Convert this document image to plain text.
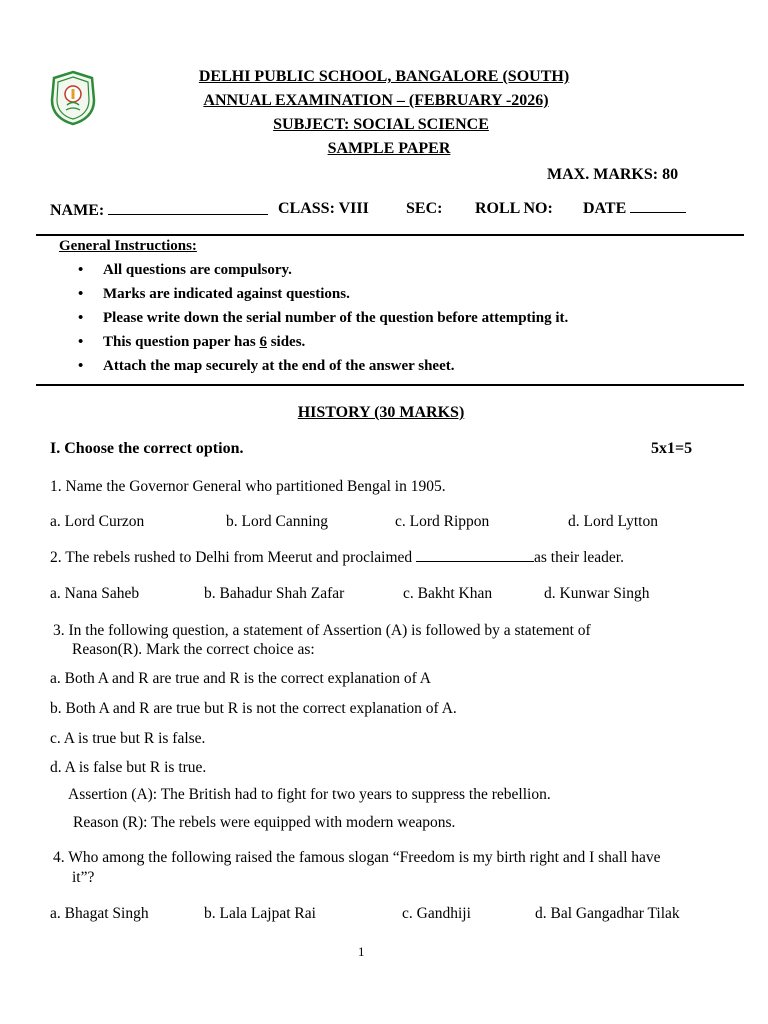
DELHI PUBLIC SCHOOL, BANGALORE (SOUTH)
ANNUAL EXAMINATION – (FEBRUARY -2026)
SUBJECT: SOCIAL SCIENCE
SAMPLE PAPER
MAX. MARKS: 80
NAME:	CLASS: VIII SEC: ROLL NO: DATE
General Instructions:
• All questions are compulsory.
• Marks are indicated against questions.
• Please write down the serial number of the question before attempting it.
• This question paper has 6 sides.
• Attach the map securely at the end of the answer sheet.
HISTORY (30 MARKS)
I. Choose the correct option.	5x1=5
1. Name the Governor General who partitioned Bengal in 1905.
a. Lord Curzon	b. Lord Canning	c. Lord Rippon	d. Lord Lytton
2. The rebels rushed to Delhi from Meerut and proclaimed	as their leader.
a. Nana Saheb	b. Bahadur Shah Zafar	c. Bakht Khan	d. Kunwar Singh
3. In the following question, a statement of Assertion (A) is followed by a statement of
Reason(R). Mark the correct choice as:
a. Both A and R are true and R is the correct explanation of A
b. Both A and R are true but R is not the correct explanation of A.
c. A is true but R is false.
d. A is false but R is true.
Assertion (A): The British had to fight for two years to suppress the rebellion.
Reason (R): The rebels were equipped with modern weapons.
4. Who among the following raised the famous slogan “Freedom is my birth right and I shall have
it”?
a. Bhagat Singh	b. Lala Lajpat Rai	c. Gandhiji	d. Bal Gangadhar Tilak
1
